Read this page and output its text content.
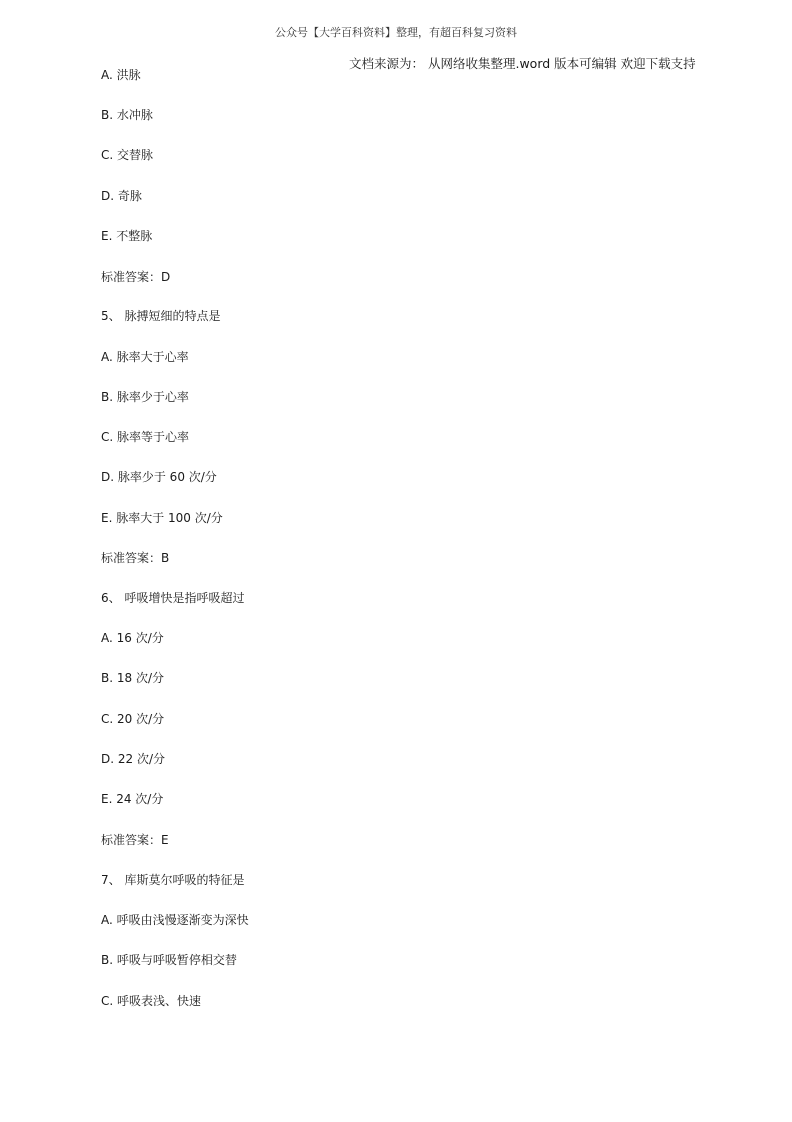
公众号【大学百科资料】整理，有超百科复习资料
文档来源为： 从网络收集整理.word 版本可编辑 欢迎下载支持
A. 洪脉
B. 水冲脉
C. 交替脉
D. 奇脉
E. 不整脉
标准答案：D
5、 脉搏短细的特点是
A. 脉率大于心率
B. 脉率少于心率
C. 脉率等于心率
D. 脉率少于 60 次/分
E. 脉率大于 100 次/分
标准答案：B
6、 呼吸增快是指呼吸超过
A. 16 次/分
B. 18 次/分
C. 20 次/分
D. 22 次/分
E. 24 次/分
标准答案：E
7、 库斯莫尔呼吸的特征是
A. 呼吸由浅慢逐渐变为深快
B. 呼吸与呼吸暂停相交替
C. 呼吸表浅、快速
